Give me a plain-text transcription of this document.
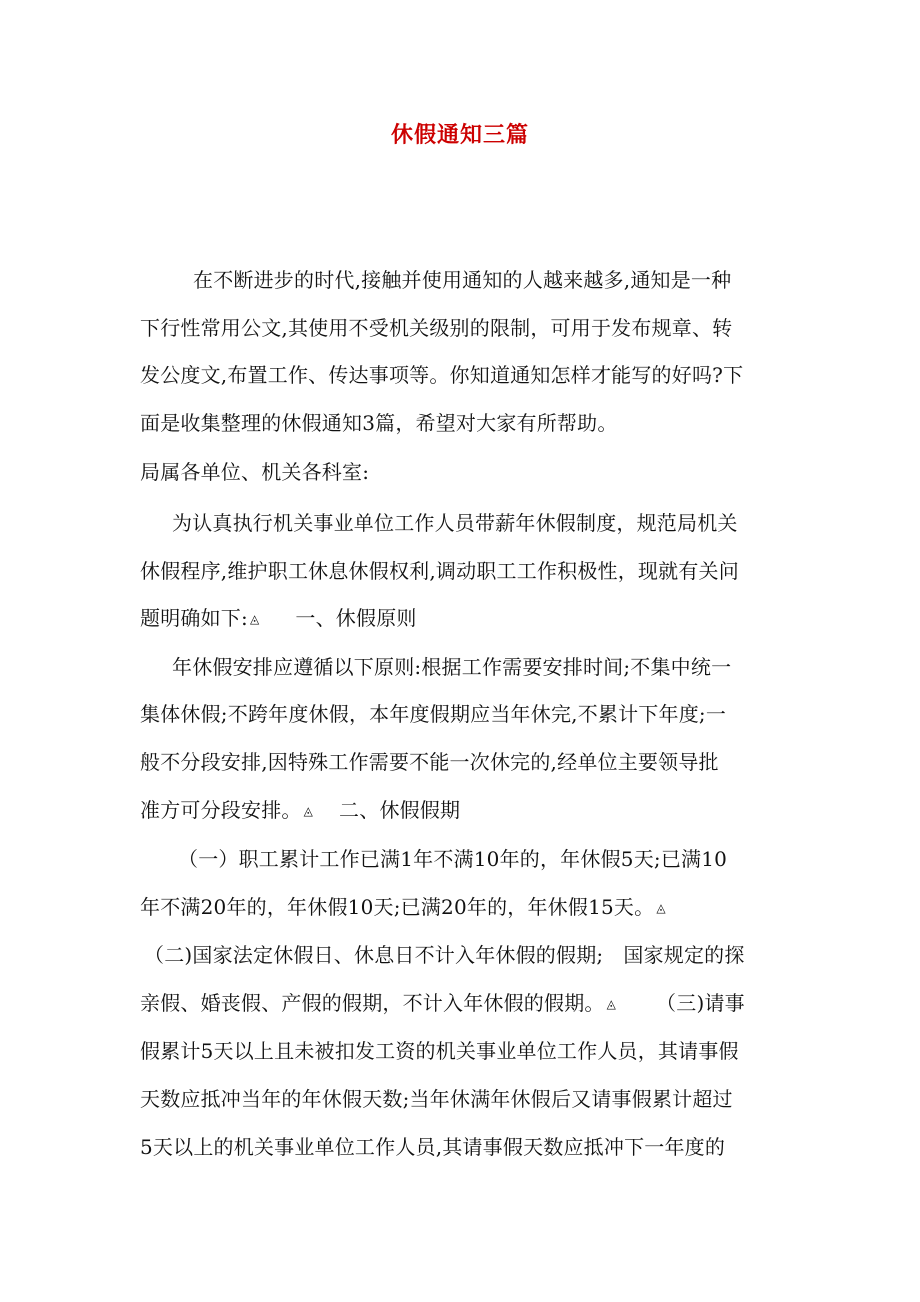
休假通知三篇
在不断进步的时代,接触并使用通知的人越来越多,通知是一种
下行性常用公文,其使用不受机关级别的限制，可用于发布规章、转
发公度文,布置工作、传达事项等。你知道通知怎样才能写的好吗?下
面是收集整理的休假通知3篇，希望对大家有所帮助。
局属各单位、机关各科室:
为认真执行机关事业单位工作人员带薪年休假制度，规范局机关
休假程序,维护职工休息休假权利,调动职工工作积极性，现就有关问
题明确如下: ◬ 一、休假原则
年休假安排应遵循以下原则:根据工作需要安排时间;不集中统一
集体休假;不跨年度休假，本年度假期应当年休完,不累计下年度;一
般不分段安排,因特殊工作需要不能一次休完的,经单位主要领导批
准方可分段安排。 ◬ 二、休假假期
（一）职工累计工作已满1年不满10年的，年休假5天;已满10
年不满20年的，年休假10天;已满20年的，年休假15天。 ◬
（二)国家法定休假日、休息日不计入年休假的假期; 国家规定的探
亲假、婚丧假、产假的假期，不计入年休假的假期。 ◬ （三)请事
假累计5天以上且未被扣发工资的机关事业单位工作人员，其请事假
天数应抵冲当年的年休假天数;当年休满年休假后又请事假累计超过
5天以上的机关事业单位工作人员,其请事假天数应抵冲下一年度的
